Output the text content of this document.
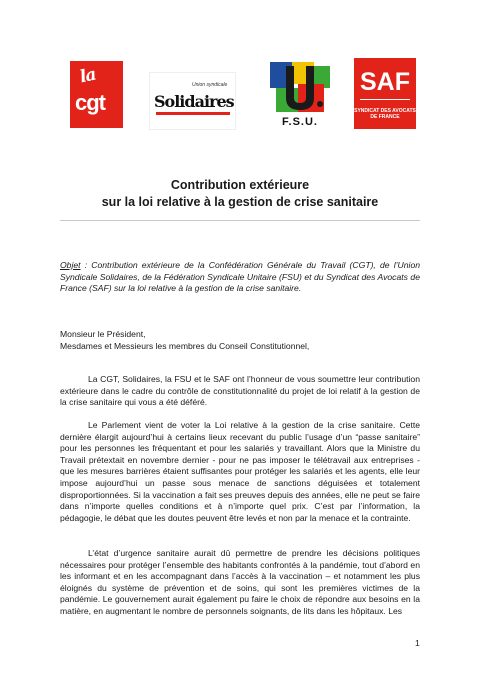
la
cgt
Union syndicale
Solidaires
F.S.U.
SAF
SYNDICAT DES AVOCATS DE FRANCE
Contribution extérieure
sur la loi relative à la gestion de crise sanitaire
Objet : Contribution extérieure de la Confédération Générale du Travail (CGT), de l’Union Syndicale Solidaires, de la Fédération Syndicale Unitaire (FSU) et du Syndicat des Avocats de France (SAF) sur la loi relative à la gestion de la crise sanitaire.
Monsieur le Président,
Mesdames et Messieurs les membres du Conseil Constitutionnel,
La CGT, Solidaires, la FSU et le SAF ont l’honneur de vous soumettre leur contribution extérieure dans le cadre du contrôle de constitutionnalité du projet de loi relatif à la gestion de la crise sanitaire qui vous a été déféré.
Le Parlement vient de voter la Loi relative à la gestion de la crise sanitaire. Cette dernière élargit aujourd’hui à certains lieux recevant du public l’usage d’un “passe sanitaire” pour les personnes les fréquentant et pour les salariés y travaillant. Alors que la Ministre du Travail prétextait en novembre dernier - pour ne pas imposer le télétravail aux entreprises - que les mesures barrières étaient suffisantes pour protéger les salariés et les agents, elle leur impose aujourd’hui un passe sous menace de sanctions déguisées et totalement disproportionnées. Si la vaccination a fait ses preuves depuis des années, elle ne peut se faire dans n’importe quelles conditions et à n’importe quel prix. C’est par l’information, la pédagogie, le débat que les doutes peuvent être levés et non par la menace et la contrainte.
L’état d’urgence sanitaire aurait dû permettre de prendre les décisions politiques nécessaires pour protéger l’ensemble des habitants confrontés à la pandémie, tout d’abord en les informant et en les accompagnant dans l’accès à la vaccination – et notamment les plus éloignés du système de prévention et de soins, qui sont les premières victimes de la pandémie. Le gouvernement aurait également pu faire le choix de répondre aux besoins en la matière, en augmentant le nombre de personnels soignants, de lits dans les hôpitaux. Les
1
